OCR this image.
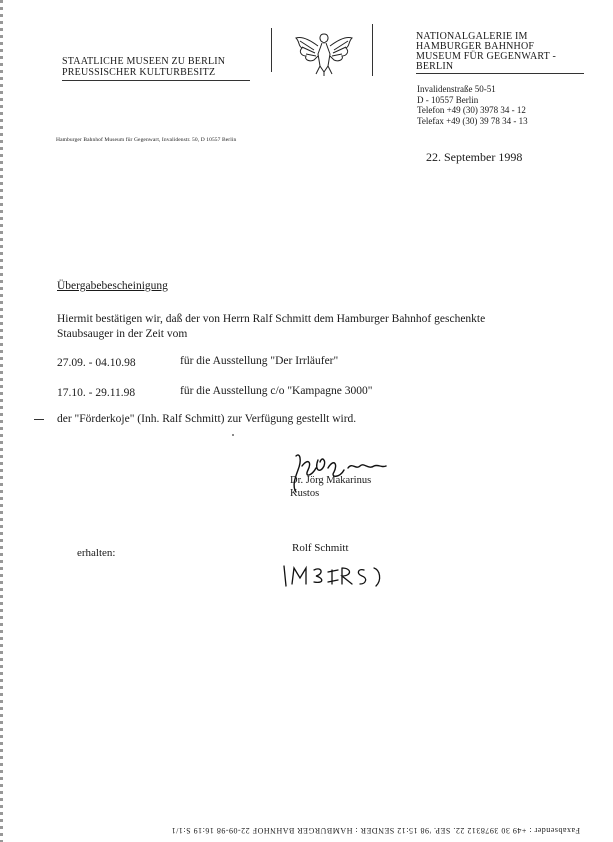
STAATLICHE MUSEEN ZU BERLIN
PREUSSISCHER KULTURBESITZ
NATIONALGALERIE IM
HAMBURGER BAHNHOF
MUSEUM FÜR GEGENWART -
BERLIN
Invalidenstraße 50-51
D - 10557 Berlin
Telefon +49 (30) 3978 34 - 12
Telefax +49 (30) 39 78 34 - 13
Hamburger Bahnhof Museum für Gegenwart, Invalidenstr. 50, D 10557 Berlin
22. September 1998
Übergabebescheinigung
Hiermit bestätigen wir, daß der von Herrn Ralf Schmitt dem Hamburger Bahnhof geschenkte
Staubsauger in der Zeit vom
27.09. - 04.10.98	für die Ausstellung "Der Irrläufer"
17.10. - 29.11.98	für die Ausstellung c/o "Kampagne 3000"
der "Förderkoje" (Inh. Ralf Schmitt) zur Verfügung gestellt wird.
Dr. Jörg Makarinus
Kustos
erhalten:	Rolf Schmitt
Faxabsender : +49 30 3978312 22. SEP. '98 15:12 SENDER : HAMBURGER BAHNHOF 22-09-98 16:19 S:1/1
